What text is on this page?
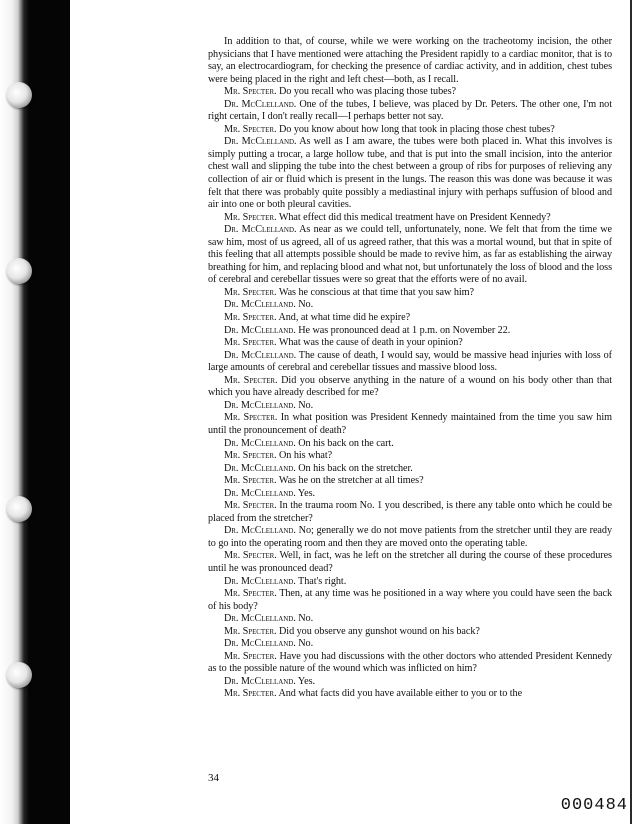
In addition to that, of course, while we were working on the tracheotomy incision, the other physicians that I have mentioned were attaching the President rapidly to a cardiac monitor, that is to say, an electrocardiogram, for checking the presence of cardiac activity, and in addition, chest tubes were being placed in the right and left chest—both, as I recall.

Mr. Specter. Do you recall who was placing those tubes?

Dr. McClelland. One of the tubes, I believe, was placed by Dr. Peters. The other one, I'm not right certain, I don't really recall—I perhaps better not say.

Mr. Specter. Do you know about how long that took in placing those chest tubes?

Dr. McClelland. As well as I am aware, the tubes were both placed in. What this involves is simply putting a trocar, a large hollow tube, and that is put into the small incision, into the anterior chest wall and slipping the tube into the chest between a group of ribs for purposes of relieving any collection of air or fluid which is present in the lungs. The reason this was done was because it was felt that there was probably quite possibly a mediastinal injury with perhaps suffusion of blood and air into one or both pleural cavities.

Mr. Specter. What effect did this medical treatment have on President Kennedy?

Dr. McClelland. As near as we could tell, unfortunately, none. We felt that from the time we saw him, most of us agreed, all of us agreed rather, that this was a mortal wound, but that in spite of this feeling that all attempts possible should be made to revive him, as far as establishing the airway breathing for him, and replacing blood and what not, but unfortunately the loss of blood and the loss of cerebral and cerebellar tissues were so great that the efforts were of no avail.

Mr. Specter. Was he conscious at that time that you saw him?

Dr. McClelland. No.

Mr. Specter. And, at what time did he expire?

Dr. McClelland. He was pronounced dead at 1 p.m. on November 22.

Mr. Specter. What was the cause of death in your opinion?

Dr. McClelland. The cause of death, I would say, would be massive head injuries with loss of large amounts of cerebral and cerebellar tissues and massive blood loss.

Mr. Specter. Did you observe anything in the nature of a wound on his body other than that which you have already described for me?

Dr. McClelland. No.

Mr. Specter. In what position was President Kennedy maintained from the time you saw him until the pronouncement of death?

Dr. McClelland. On his back on the cart.

Mr. Specter. On his what?

Dr. McClelland. On his back on the stretcher.

Mr. Specter. Was he on the stretcher at all times?

Dr. McClelland. Yes.

Mr. Specter. In the trauma room No. 1 you described, is there any table onto which he could be placed from the stretcher?

Dr. McClelland. No; generally we do not move patients from the stretcher until they are ready to go into the operating room and then they are moved onto the operating table.

Mr. Specter. Well, in fact, was he left on the stretcher all during the course of these procedures until he was pronounced dead?

Dr. McClelland. That's right.

Mr. Specter. Then, at any time was he positioned in a way where you could have seen the back of his body?

Dr. McClelland. No.

Mr. Specter. Did you observe any gunshot wound on his back?

Dr. McClelland. No.

Mr. Specter. Have you had discussions with the other doctors who attended President Kennedy as to the possible nature of the wound which was inflicted on him?

Dr. McClelland. Yes.

Mr. Specter. And what facts did you have available either to you or to the

34
000484
